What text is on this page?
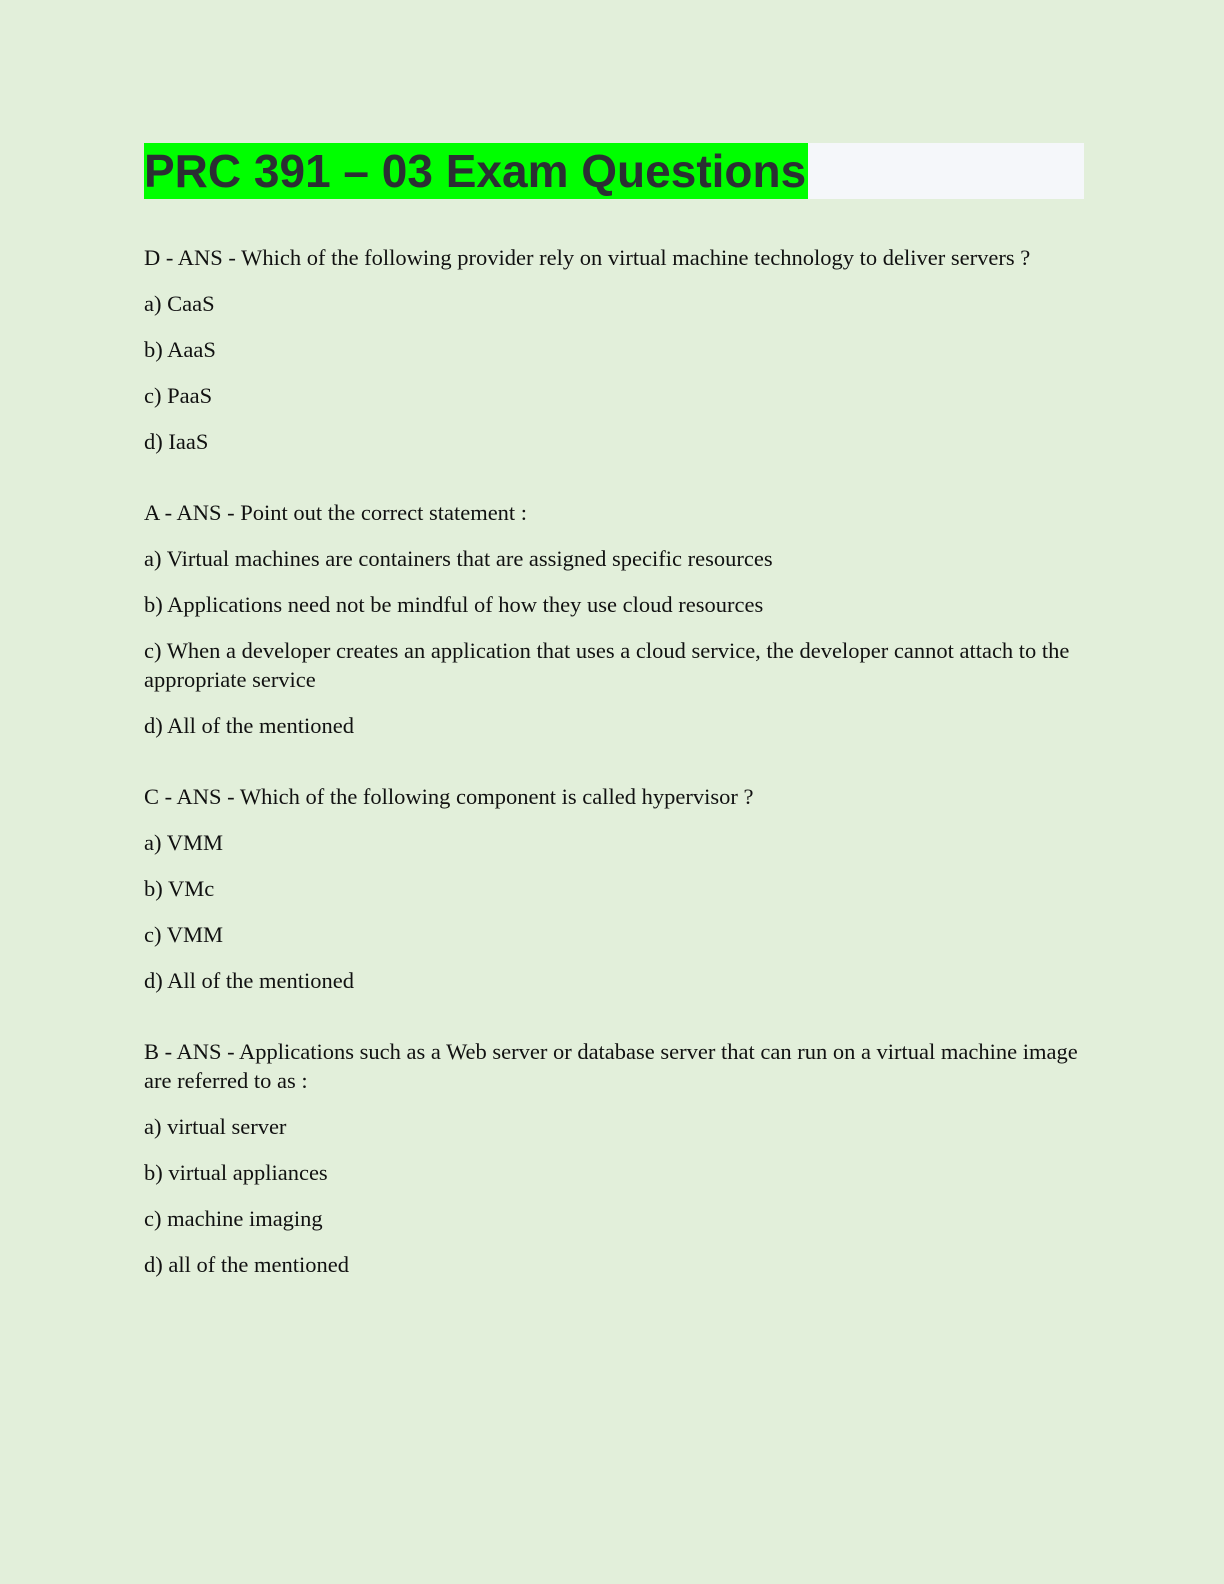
PRC 391 – 03 Exam Questions
D - ANS - Which of the following provider rely on virtual machine technology to deliver servers ?
a) CaaS
b) AaaS
c) PaaS
d) IaaS
A - ANS - Point out the correct statement :
a) Virtual machines are containers that are assigned specific resources
b) Applications need not be mindful of how they use cloud resources
c) When a developer creates an application that uses a cloud service, the developer cannot attach to the appropriate service
d) All of the mentioned
C - ANS - Which of the following component is called hypervisor ?
a) VMM
b) VMc
c) VMM
d) All of the mentioned
B - ANS - Applications such as a Web server or database server that can run on a virtual machine image are referred to as :
a) virtual server
b) virtual appliances
c) machine imaging
d) all of the mentioned
